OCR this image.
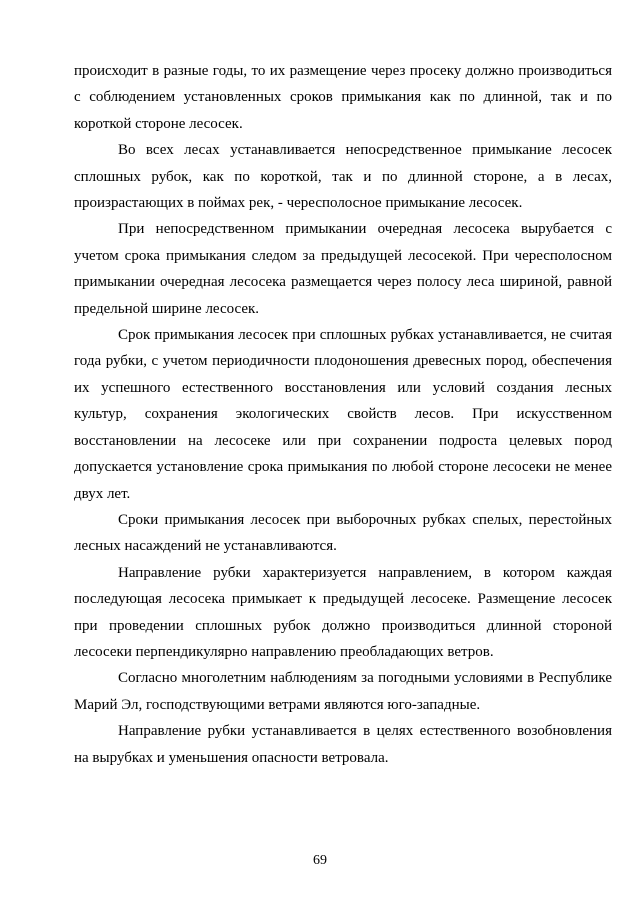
происходит в разные годы, то их размещение через просеку должно производиться с соблюдением установленных сроков примыкания как по длинной, так и по короткой стороне лесосек.

Во всех лесах устанавливается непосредственное примыкание лесосек сплошных рубок, как по короткой, так и по длинной стороне, а в лесах, произрастающих в поймах рек, - чересполосное примыкание лесосек.

При непосредственном примыкании очередная лесосека вырубается с учетом срока примыкания следом за предыдущей лесосекой. При чересполосном примыкании очередная лесосека размещается через полосу леса шириной, равной предельной ширине лесосек.

Срок примыкания лесосек при сплошных рубках устанавливается, не считая года рубки, с учетом периодичности плодоношения древесных пород, обеспечения их успешного естественного восстановления или условий создания лесных культур, сохранения экологических свойств лесов. При искусственном восстановлении на лесосеке или при сохранении подроста целевых пород допускается установление срока примыкания по любой стороне лесосеки не менее двух лет.

Сроки примыкания лесосек при выборочных рубках спелых, перестойных лесных насаждений не устанавливаются.

Направление рубки характеризуется направлением, в котором каждая последующая лесосека примыкает к предыдущей лесосеке. Размещение лесосек при проведении сплошных рубок должно производиться длинной стороной лесосеки перпендикулярно направлению преобладающих ветров.

Согласно многолетним наблюдениям за погодными условиями в Республике Марий Эл, господствующими ветрами являются юго-западные.

Направление рубки устанавливается в целях естественного возобновления на вырубках и уменьшения опасности ветровала.

69
